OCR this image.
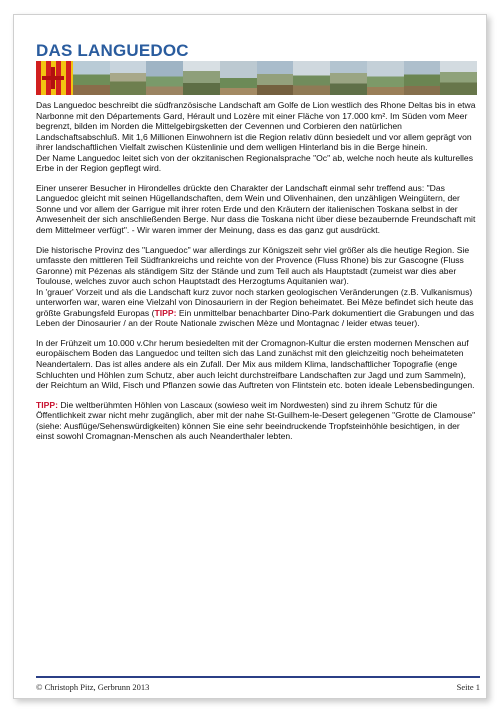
DAS LANGUEDOC

Das Languedoc beschreibt die südfranzösische Landschaft am Golfe de Lion westlich des Rhone Deltas bis in etwa Narbonne mit den Départements Gard, Hérault und Lozère mit einer Fläche von 17.000 km². Im Süden vom Meer begrenzt, bilden im Norden die Mittelgebirgsketten der Cevennen und Corbieren den natürlichen Landschaftsabschluß. Mit 1,6 Millionen Einwohnern ist die Region relativ dünn besiedelt und vor allem geprägt von ihrer landschaftlichen Vielfalt zwischen Küstenlinie und dem welligen Hinterland bis in die Berge hinein.
Der Name Languedoc leitet sich von der okzitanischen Regionalsprache "Oc" ab, welche noch heute als kulturelles Erbe in der Region gepflegt wird.

Einer unserer Besucher in Hirondelles drückte den Charakter der Landschaft einmal sehr treffend aus: "Das Languedoc gleicht mit seinen Hügellandschaften, dem Wein und Olivenhainen, den unzähligen Weingütern, der Sonne und vor allem der Garrigue mit ihrer roten Erde und den Kräutern der italienischen Toskana selbst in der Anwesenheit der sich anschließenden Berge. Nur dass die Toskana nicht über diese bezaubernde Freundschaft mit dem Mittelmeer verfügt". - Wir waren immer der Meinung, dass es das ganz gut ausdrückt.

Die historische Provinz des "Languedoc" war allerdings zur Königszeit sehr viel größer als die heutige Region. Sie umfasste den mittleren Teil Südfrankreichs und reichte von der Provence (Fluss Rhone) bis zur Gascogne (Fluss Garonne) mit Pézenas als ständigem Sitz der Stände und zum Teil auch als Hauptstadt (zumeist war dies aber Toulouse, welches zuvor auch schon Hauptstadt des Herzogtums Aquitanien war).
In 'grauer' Vorzeit und als die Landschaft kurz zuvor noch starken geologischen Veränderungen (z.B. Vulkanismus) unterworfen war, waren eine Vielzahl von Dinosauriern in der Region beheimatet. Bei Mèze befindet sich heute das größte Grabungsfeld Europas (TIPP: Ein unmittelbar benachbarter Dino-Park dokumentiert die Grabungen und das Leben der Dinosaurier / an der Route Nationale zwischen Mèze und Montagnac / leider etwas teuer).

In der Frühzeit um 10.000 v.Chr herum besiedelten mit der Cromagnon-Kultur die ersten modernen Menschen auf europäischem Boden das Languedoc und teilten sich das Land zunächst mit den gleichzeitig noch beheimateten Neandertalern. Das ist alles andere als ein Zufall. Der Mix aus mildem Klima, landschaftlicher Topografie (enge Schluchten und Höhlen zum Schutz, aber auch leicht durchstreifbare Landschaften zur Jagd und zum Sammeln), der Reichtum an Wild, Fisch und Pflanzen sowie das Auftreten von Flintstein etc. boten ideale Lebensbedingungen.

TIPP: Die weltberühmten Höhlen von Lascaux (sowieso weit im Nordwesten) sind zu ihrem Schutz für die Öffentlichkeit zwar nicht mehr zugänglich, aber mit der nahe St-Guilhem-le-Desert gelegenen "Grotte de Clamouse" (siehe: Ausflüge/Sehenswürdigkeiten) können Sie eine sehr beeindruckende Tropfsteinhöhle besichtigen, in der einst sowohl Cromagnan-Menschen als auch Neanderthaler lebten.

© Christoph Pitz, Gerbrunn 2013	Seite 1
